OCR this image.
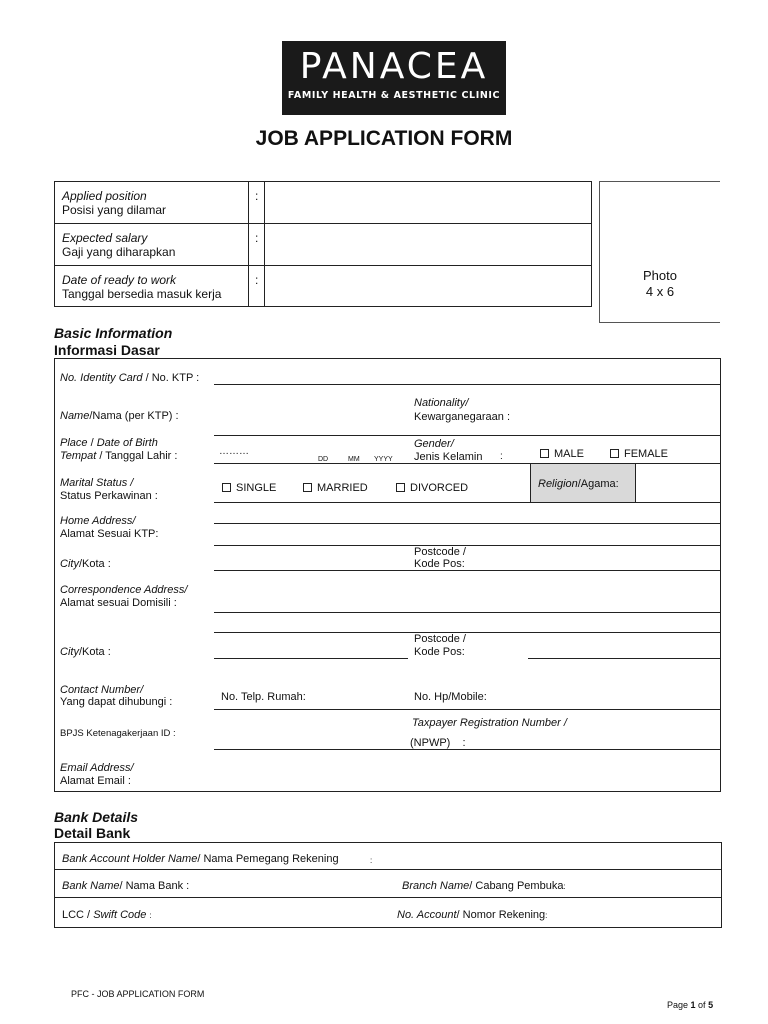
PANACEA
FAMILY HEALTH & AESTHETIC CLINIC
JOB APPLICATION FORM
Applied position
Posisi yang dilamar
:
Expected salary
Gaji yang diharapkan
:
Date of ready to work
Tanggal bersedia masuk kerja
:	Photo
4 x 6
Basic Information
Informasi Dasar
No. Identity Card / No. KTP :
Name/Nama (per KTP) :
Nationality/
Kewarganegaraan :
Place / Date of Birth
Tempat / Tanggal Lahir :	………
DD	MM YYYY
Gender/
Jenis Kelamin :	MALE	FEMALE
Marital Status /
Status Perkawinan :
SINGLE	MARRIED	DIVORCED	Religion/Agama:
Home Address/
Alamat Sesuai KTP:
City/Kota :
Postcode /
Kode Pos:
Correspondence Address/
Alamat sesuai Domisili :
City/Kota :
Postcode /
Kode Pos:
Contact Number/
Yang dapat dihubungi :	No. Telp. Rumah:	No. Hp/Mobile:
BPJS Ketenagakerjaan ID :
Taxpayer Registration Number /
(NPWP)    :
Email Address/
Alamat Email :
Bank Details
Detail Bank
Bank Account Holder Name/ Nama Pemegang Rekening	:
Bank Name/ Nama Bank :	Branch Name/ Cabang Pembuka:
LCC / Swift Code :	No. Account/ Nomor Rekening:
PFC - JOB APPLICATION FORM
Page 1 of 5
